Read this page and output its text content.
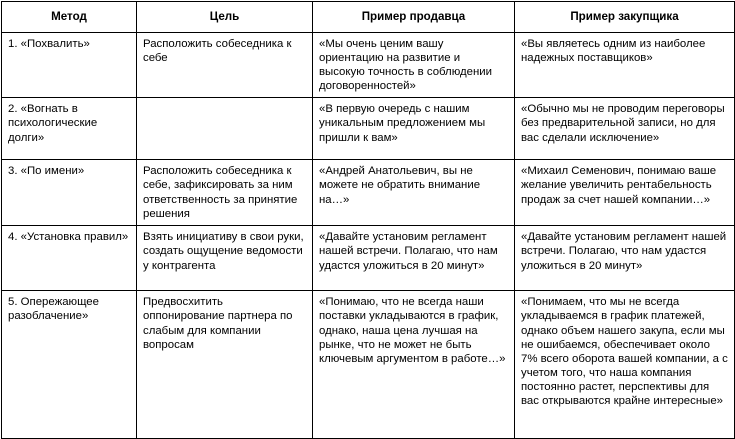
Метод	Цель	Пример продавца	Пример закупщика
1. «Похвалить»	Расположить собеседника к себе	«Мы очень ценим вашу ориентацию на развитие и высокую точность в соблюдении договоренностей»	«Вы являетесь одним из наиболее надежных поставщиков»
2. «Вогнать в психологические долги»		«В первую очередь с нашим уникальным предложением мы пришли к вам»	«Обычно мы не проводим переговоры без предварительной записи, но для вас сделали исключение»
3. «По имени»	Расположить собеседника к себе, зафиксировать за ним ответственность за принятие решения	«Андрей Анатольевич, вы не можете не обратить внимание на…»	«Михаил Семенович, понимаю ваше желание увеличить рентабельность продаж за счет нашей компании…»
4. «Установка правил»	Взять инициативу в свои руки, создать ощущение ведомости у контрагента	«Давайте установим регламент нашей встречи. Полагаю, что нам удастся уложиться в 20 минут»	«Давайте установим регламент нашей встречи. Полагаю, что нам удастся уложиться в 20 минут»
5. Опережающее разоблачение»	Предвосхитить оппонирование партнера по слабым для компании вопросам	«Понимаю, что не всегда наши поставки укладываются в график, однако, наша цена лучшая на рынке, что не может не быть ключевым аргументом в работе…»	«Понимаем, что мы не всегда укладываемся в график платежей, однако объем нашего закупа, если мы не ошибаемся, обеспечивает около 7% всего оборота вашей компании, а с учетом того, что наша компания постоянно растет, перспективы для вас открываются крайне интересные»
